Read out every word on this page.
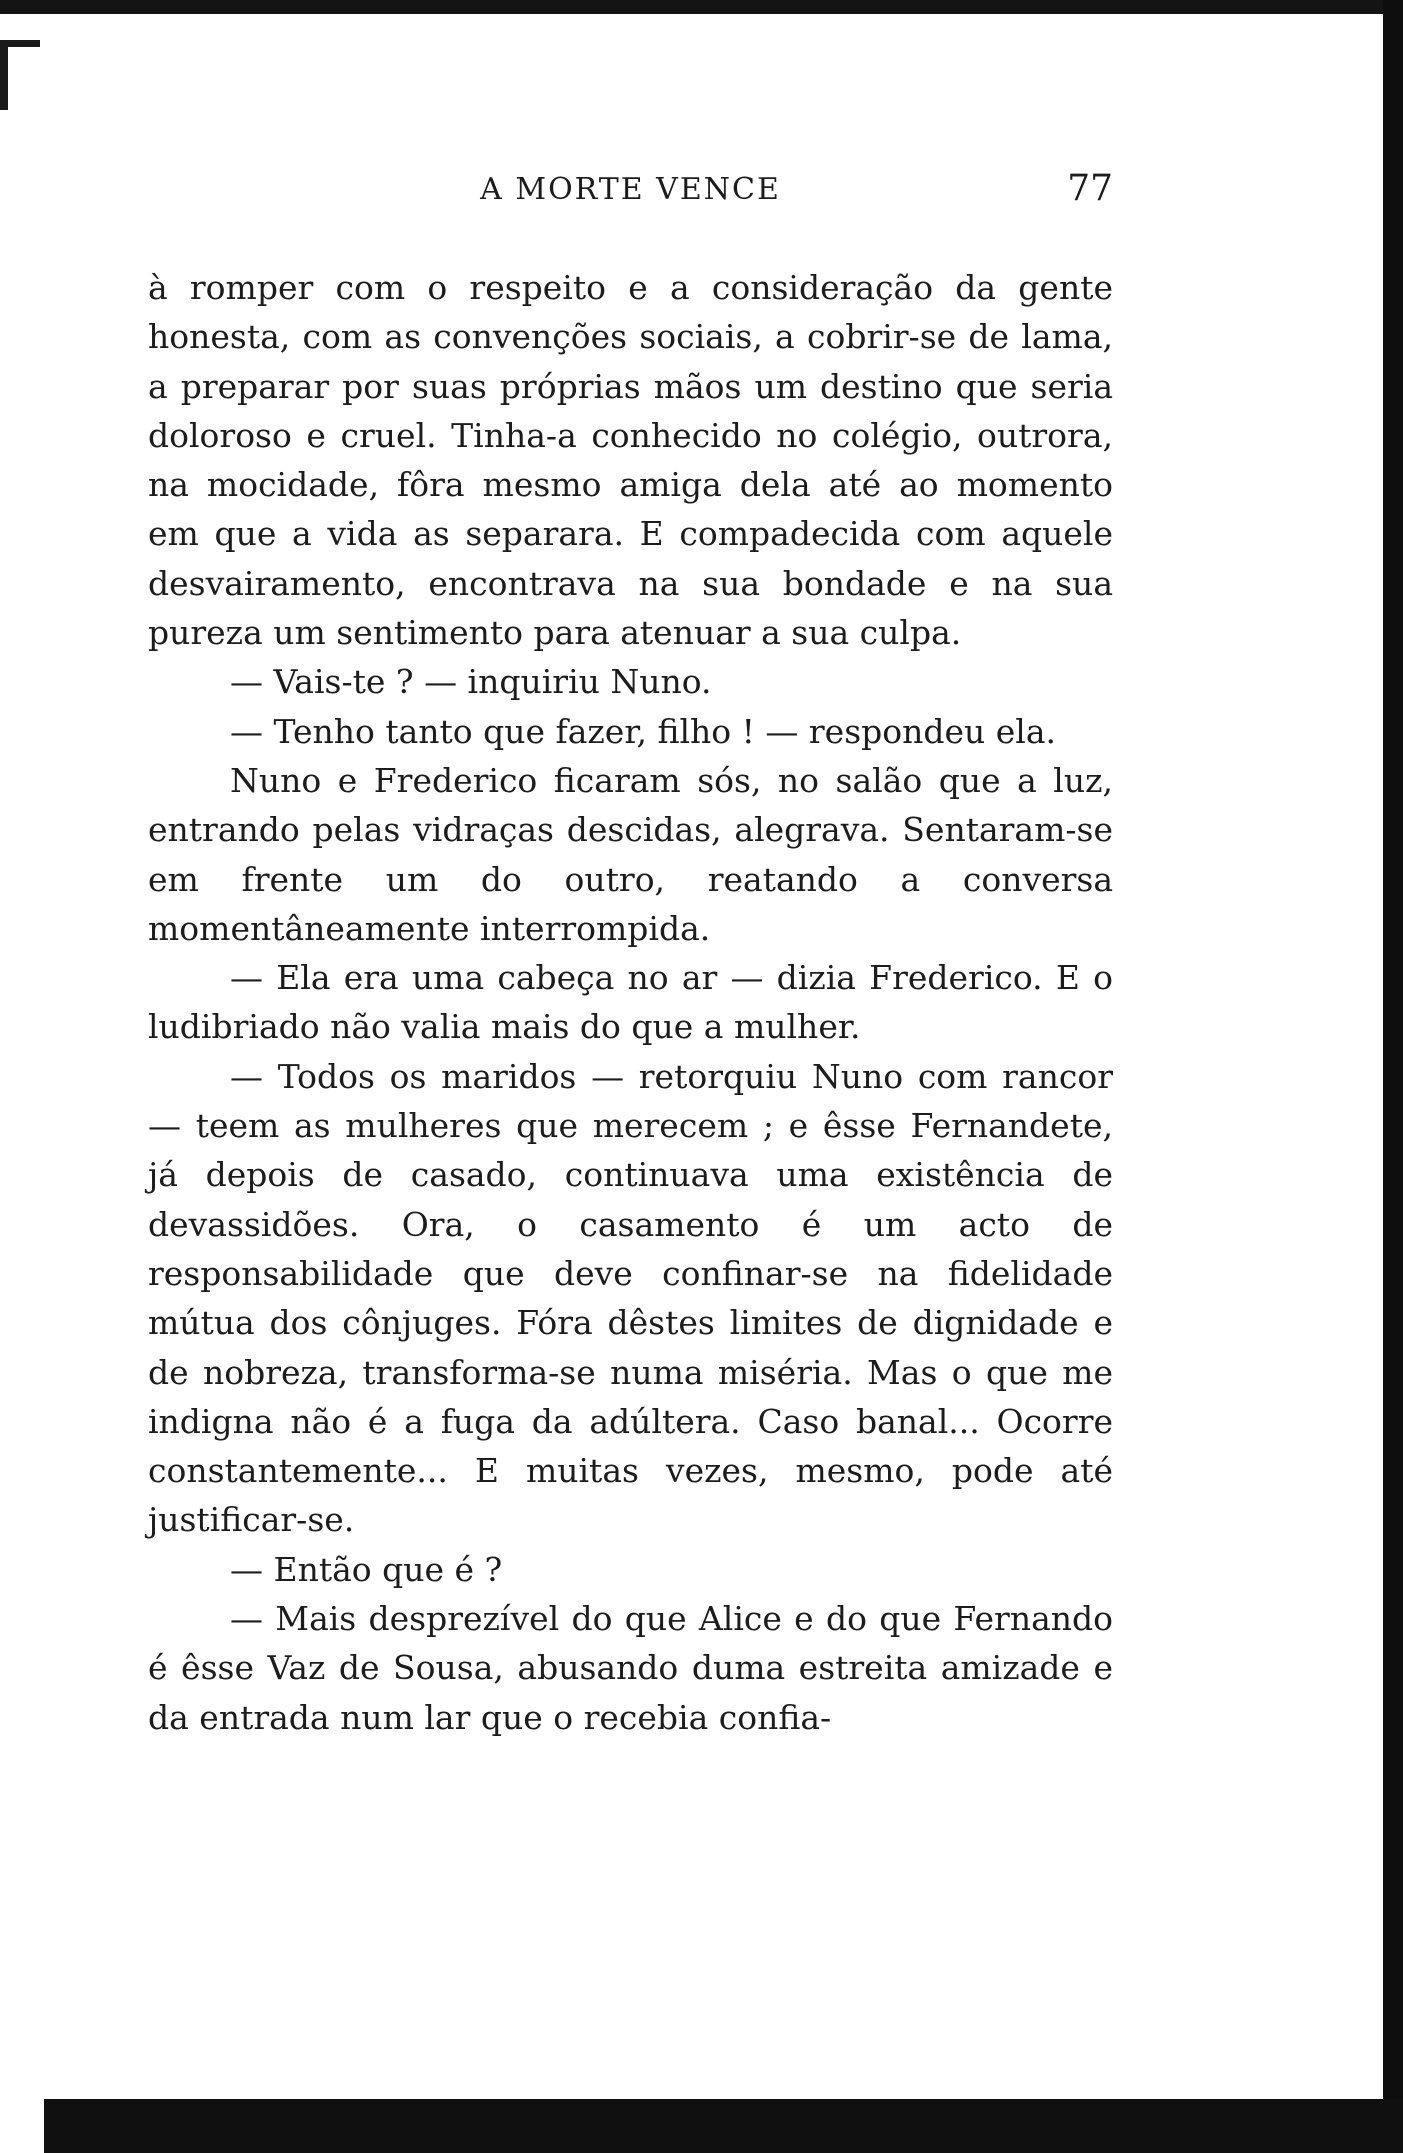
A MORTE VENCE	77

à romper com o respeito e a consideração da gente honesta, com as convenções sociais, a cobrir-se de lama, a preparar por suas próprias mãos um destino que seria doloroso e cruel. Tinha-a conhecido no colégio, outrora, na mocidade, fôra mesmo amiga dela até ao momento em que a vida as separara. E compadecida com aquele desvairamento, encontrava na sua bondade e na sua pureza um sentimento para atenuar a sua culpa.

— Vais-te ? — inquiriu Nuno.

— Tenho tanto que fazer, filho ! — respondeu ela.

Nuno e Frederico ficaram sós, no salão que a luz, entrando pelas vidraças descidas, alegrava. Sentaram-se em frente um do outro, reatando a conversa momentâneamente interrompida.

— Ela era uma cabeça no ar — dizia Frederico. E o ludibriado não valia mais do que a mulher.

— Todos os maridos — retorquiu Nuno com rancor — teem as mulheres que merecem ; e êsse Fernandete, já depois de casado, continuava uma existência de devassidões. Ora, o casamento é um acto de responsabilidade que deve confinar-se na fidelidade mútua dos cônjuges. Fóra dêstes limites de dignidade e de nobreza, transforma-se numa miséria. Mas o que me indigna não é a fuga da adúltera. Caso banal... Ocorre constantemente... E muitas vezes, mesmo, pode até justificar-se.

— Então que é ?

— Mais desprezível do que Alice e do que Fernando é êsse Vaz de Sousa, abusando duma estreita amizade e da entrada num lar que o recebia confia-
